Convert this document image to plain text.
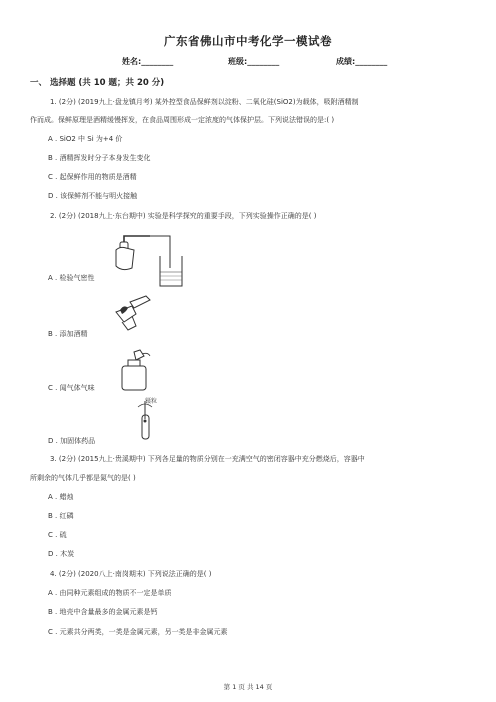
广东省佛山市中考化学一模试卷
姓名:________	班级:________	成绩:________
一、 选择题 (共 10 题；共 20 分)
1. (2分) (2019九上·盘龙镇月考) 某外控型食品保鲜剂以淀粉、二氧化硅(SiO2)为载体，吸附酒精制
作而成。保鲜原理是酒精缓慢挥发，在食品周围形成一定浓度的气体保护层。下列说法错误的是:( )
A . SiO2 中 Si 为+4 价
B . 酒精挥发时分子本身发生变化
C . 起保鲜作用的物质是酒精
D . 该保鲜剂不能与明火接触
2. (2分) (2018九上·东台期中) 实验是科学探究的重要手段，下列实验操作正确的是( )
A . 检验气密性
B . 添加酒精
C . 闻气体气味
镊粒
D . 加固体药品
3. (2分) (2015九上·贵溪期中) 下列各足量的物质分别在一充满空气的密闭容器中充分燃烧后，容器中
所剩余的气体几乎都是氮气的是( )
A . 蜡烛
B . 红磷
C . 硫
D . 木炭
4. (2分) (2020八上·南岗期末) 下列说法正确的是( )
A . 由同种元素组成的物质不一定是单质
B . 地壳中含量最多的金属元素是钙
C . 元素共分两类，一类是金属元素，另一类是非金属元素
第 1 页 共 14 页
